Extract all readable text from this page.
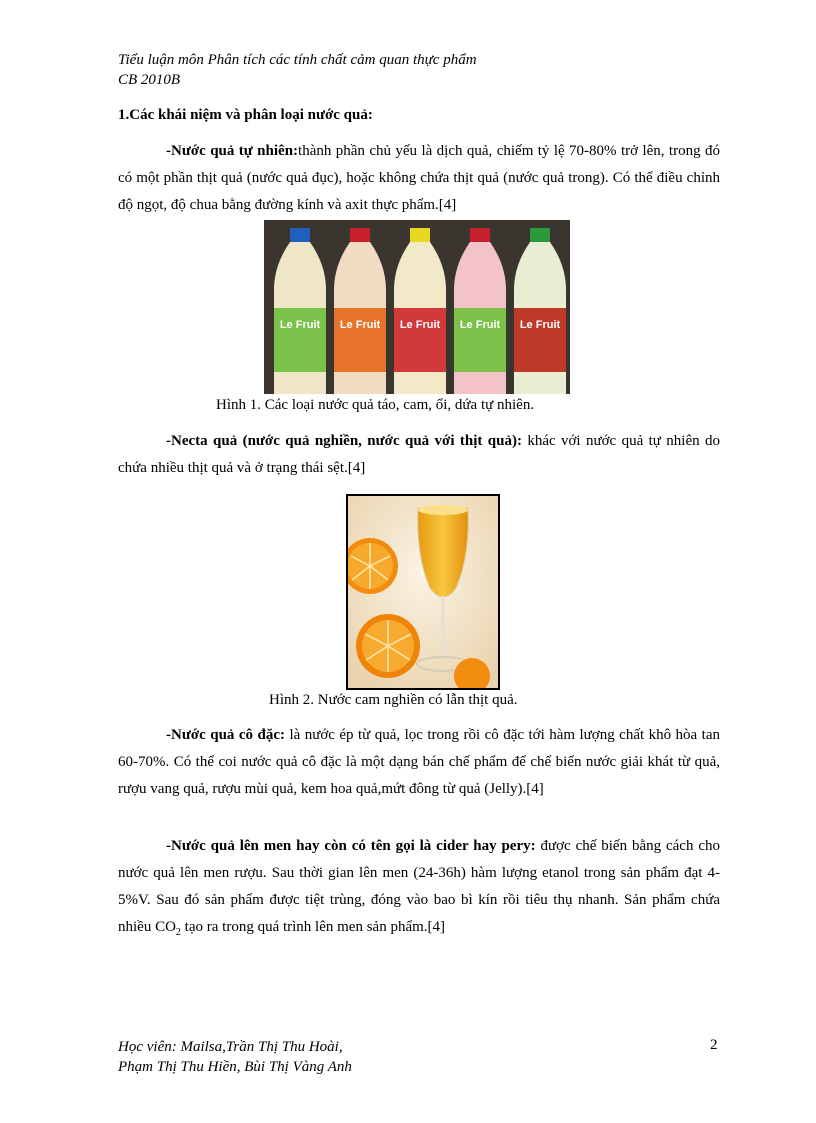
Tiểu luận môn Phân tích các tính chất cảm quan thực phẩm
CB 2010B
1.Các khái niệm và phân loại nước quả:
-Nước quả tự nhiên:thành phần chủ yếu là dịch quả, chiếm tỷ lệ 70-80% trở lên, trong đó có một phần thịt quả (nước quả đục), hoặc không chứa thịt quả (nước quả trong). Có thể điều chỉnh độ ngọt, độ chua bằng đường kính và axit thực phẩm.[4]
Le Fruit Le Fruit Le Fruit Le Fruit Le Fruit
Hình 1. Các loại nước quả táo, cam, ổi, dứa tự nhiên.
-Necta quả (nước quả nghiền, nước quả với thịt quả): khác với nước quả tự nhiên do chứa nhiều thịt quả và ở trạng thái sệt.[4]
Hình 2. Nước cam nghiền có lẫn thịt quả.
-Nước quả cô đặc: là nước ép từ quả, lọc trong rồi cô đặc tới hàm lượng chất khô hòa tan 60-70%. Có thể coi nước quả cô đặc là một dạng bán chế phẩm để chế biến nước giải khát từ quả, rượu vang quả, rượu mùi quả, kem hoa quả,mứt đông từ quả (Jelly).[4]
-Nước quả lên men hay còn có tên gọi là cider hay pery: được chế biến bằng cách cho nước quả lên men rượu. Sau thời gian lên men (24-36h) hàm lượng etanol trong sản phẩm đạt 4-5%V. Sau đó sản phẩm được tiệt trùng, đóng vào bao bì kín rồi tiêu thụ nhanh. Sản phẩm chứa nhiều $CO_2$ tạo ra trong quá trình lên men sản phẩm.[4]
Học viên: Mailsa,Trần Thị Thu Hoài,
Phạm Thị Thu Hiền, Bùi Thị Vàng Anh
2
